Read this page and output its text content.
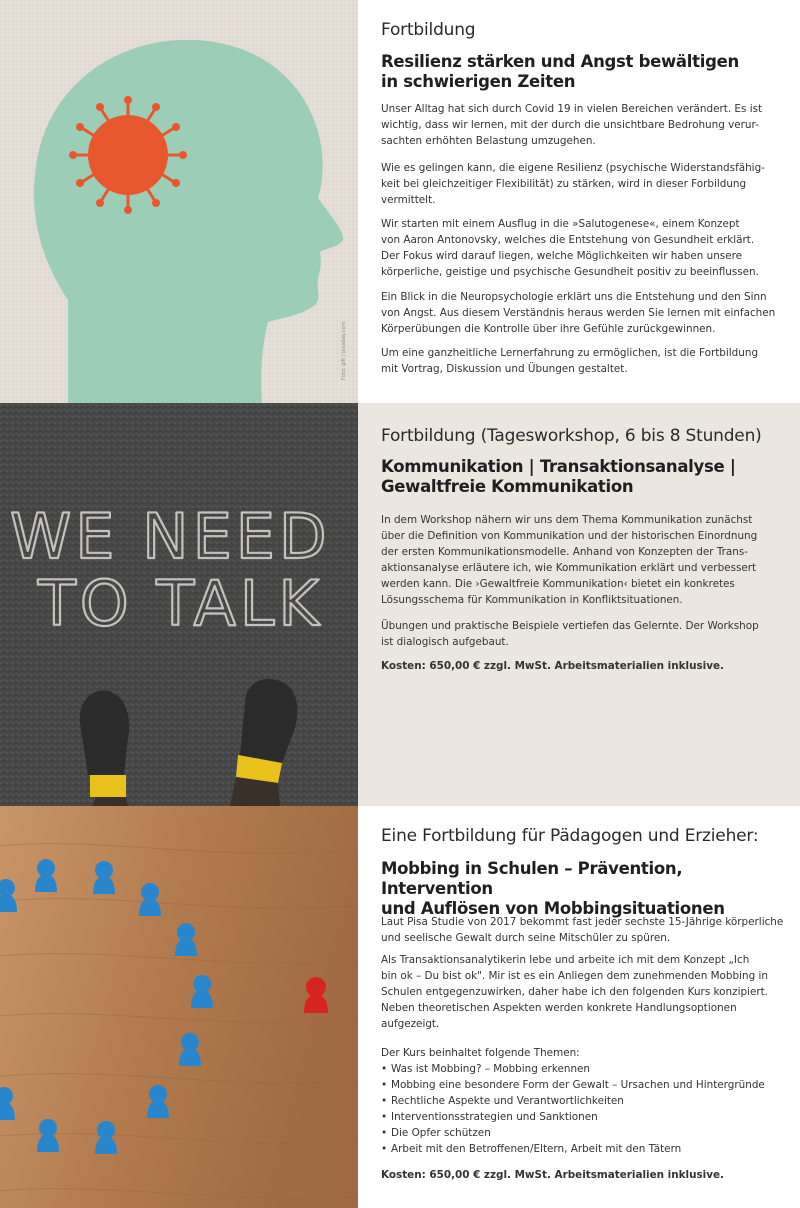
Foto: gift / pixabay.com

Fortbildung

Resilienz stärken und Angst bewältigen
in schwierigen Zeiten
Unser Alltag hat sich durch Covid 19 in vielen Bereichen verändert. Es ist
wichtig, dass wir lernen, mit der durch die unsichtbare Bedrohung verur-
sachten erhöhten Belastung umzugehen.
Wie es gelingen kann, die eigene Resilienz (psychische Widerstandsfähig-
keit bei gleichzeitiger Flexibilität) zu stärken, wird in dieser Forbildung
vermittelt.
Wir starten mit einem Ausflug in die »Salutogenese«, einem Konzept
von Aaron Antonovsky, welches die Entstehung von Gesundheit erklärt.
Der Fokus wird darauf liegen, welche Möglichkeiten wir haben unsere
körperliche, geistige und psychische Gesundheit positiv zu beeinflussen.
Ein Blick in die Neuropsychologie erklärt uns die Entstehung und den Sinn
von Angst. Aus diesem Verständnis heraus werden Sie lernen mit einfachen
Körperübungen die Kontrolle über ihre Gefühle zurückgewinnen.
Um eine ganzheitliche Lernerfahrung zu ermöglichen, ist die Fortbildung
mit Vortrag, Diskussion und Übungen gestaltet.
WE NEED
TO TALK

Fortbildung (Tagesworkshop, 6 bis 8 Stunden)

Kommunikation | Transaktionsanalyse |
Gewaltfreie Kommunikation
In dem Workshop nähern wir uns dem Thema Kommunikation zunächst
über die Definition von Kommunikation und der historischen Einordnung
der ersten Kommunikationsmodelle. Anhand von Konzepten der Trans-
aktionsanalyse erläutere ich, wie Kommunikation erklärt und verbessert
werden kann. Die ›Gewaltfreie Kommunikation‹ bietet ein konkretes
Lösungsschema für Kommunikation in Konfliktsituationen.
Übungen und praktische Beispiele vertiefen das Gelernte. Der Workshop
ist dialogisch aufgebaut.
Kosten: 650,00 € zzgl. MwSt. Arbeitsmaterialien inklusive.

Eine Fortbildung für Pädagogen und Erzieher:

Mobbing in Schulen – Prävention, Intervention
und Auflösen von Mobbingsituationen
Laut Pisa Studie von 2017 bekommt fast jeder sechste 15-Jährige körperliche
und seelische Gewalt durch seine Mitschüler zu spüren.
Als Transaktionsanalytikerin lebe und arbeite ich mit dem Konzept „Ich
bin ok – Du bist ok". Mir ist es ein Anliegen dem zunehmenden Mobbing in
Schulen entgegenzuwirken, daher habe ich den folgenden Kurs konzipiert.
Neben theoretischen Aspekten werden konkrete Handlungsoptionen
aufgezeigt.
Der Kurs beinhaltet folgende Themen:
• Was ist Mobbing? – Mobbing erkennen
• Mobbing eine besondere Form der Gewalt – Ursachen und Hintergründe
• Rechtliche Aspekte und Verantwortlichkeiten
• Interventionsstrategien und Sanktionen
• Die Opfer schützen
• Arbeit mit den Betroffenen/Eltern, Arbeit mit den Tätern
Kosten: 650,00 € zzgl. MwSt. Arbeitsmaterialien inklusive.
